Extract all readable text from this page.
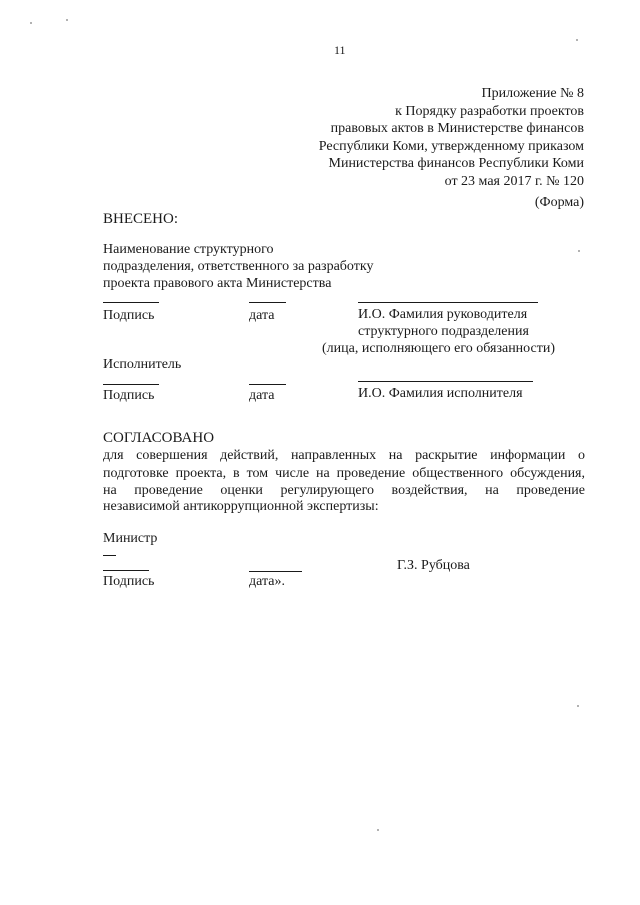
11
Приложение № 8
к Порядку разработки проектов
правовых актов в Министерстве финансов
Республики Коми, утвержденному приказом
Министерства финансов Республики Коми
от 23 мая 2017 г. № 120
(Форма)
ВНЕСЕНО:
Наименование структурного
подразделения, ответственного за разработку
проекта правового акта Министерства
Подпись	дата	И.О. Фамилия руководителя
структурного подразделения
(лица, исполняющего его обязанности)
Исполнитель
Подпись	дата	И.О. Фамилия исполнителя
СОГЛАСОВАНО
для совершения действий, направленных на раскрытие информации о
подготовке проекта, в том числе на проведение общественного обсуждения,
на проведение оценки регулирующего воздействия, на проведение
независимой антикоррупционной экспертизы:
Министр
Г.З. Рубцова
Подпись	дата».
